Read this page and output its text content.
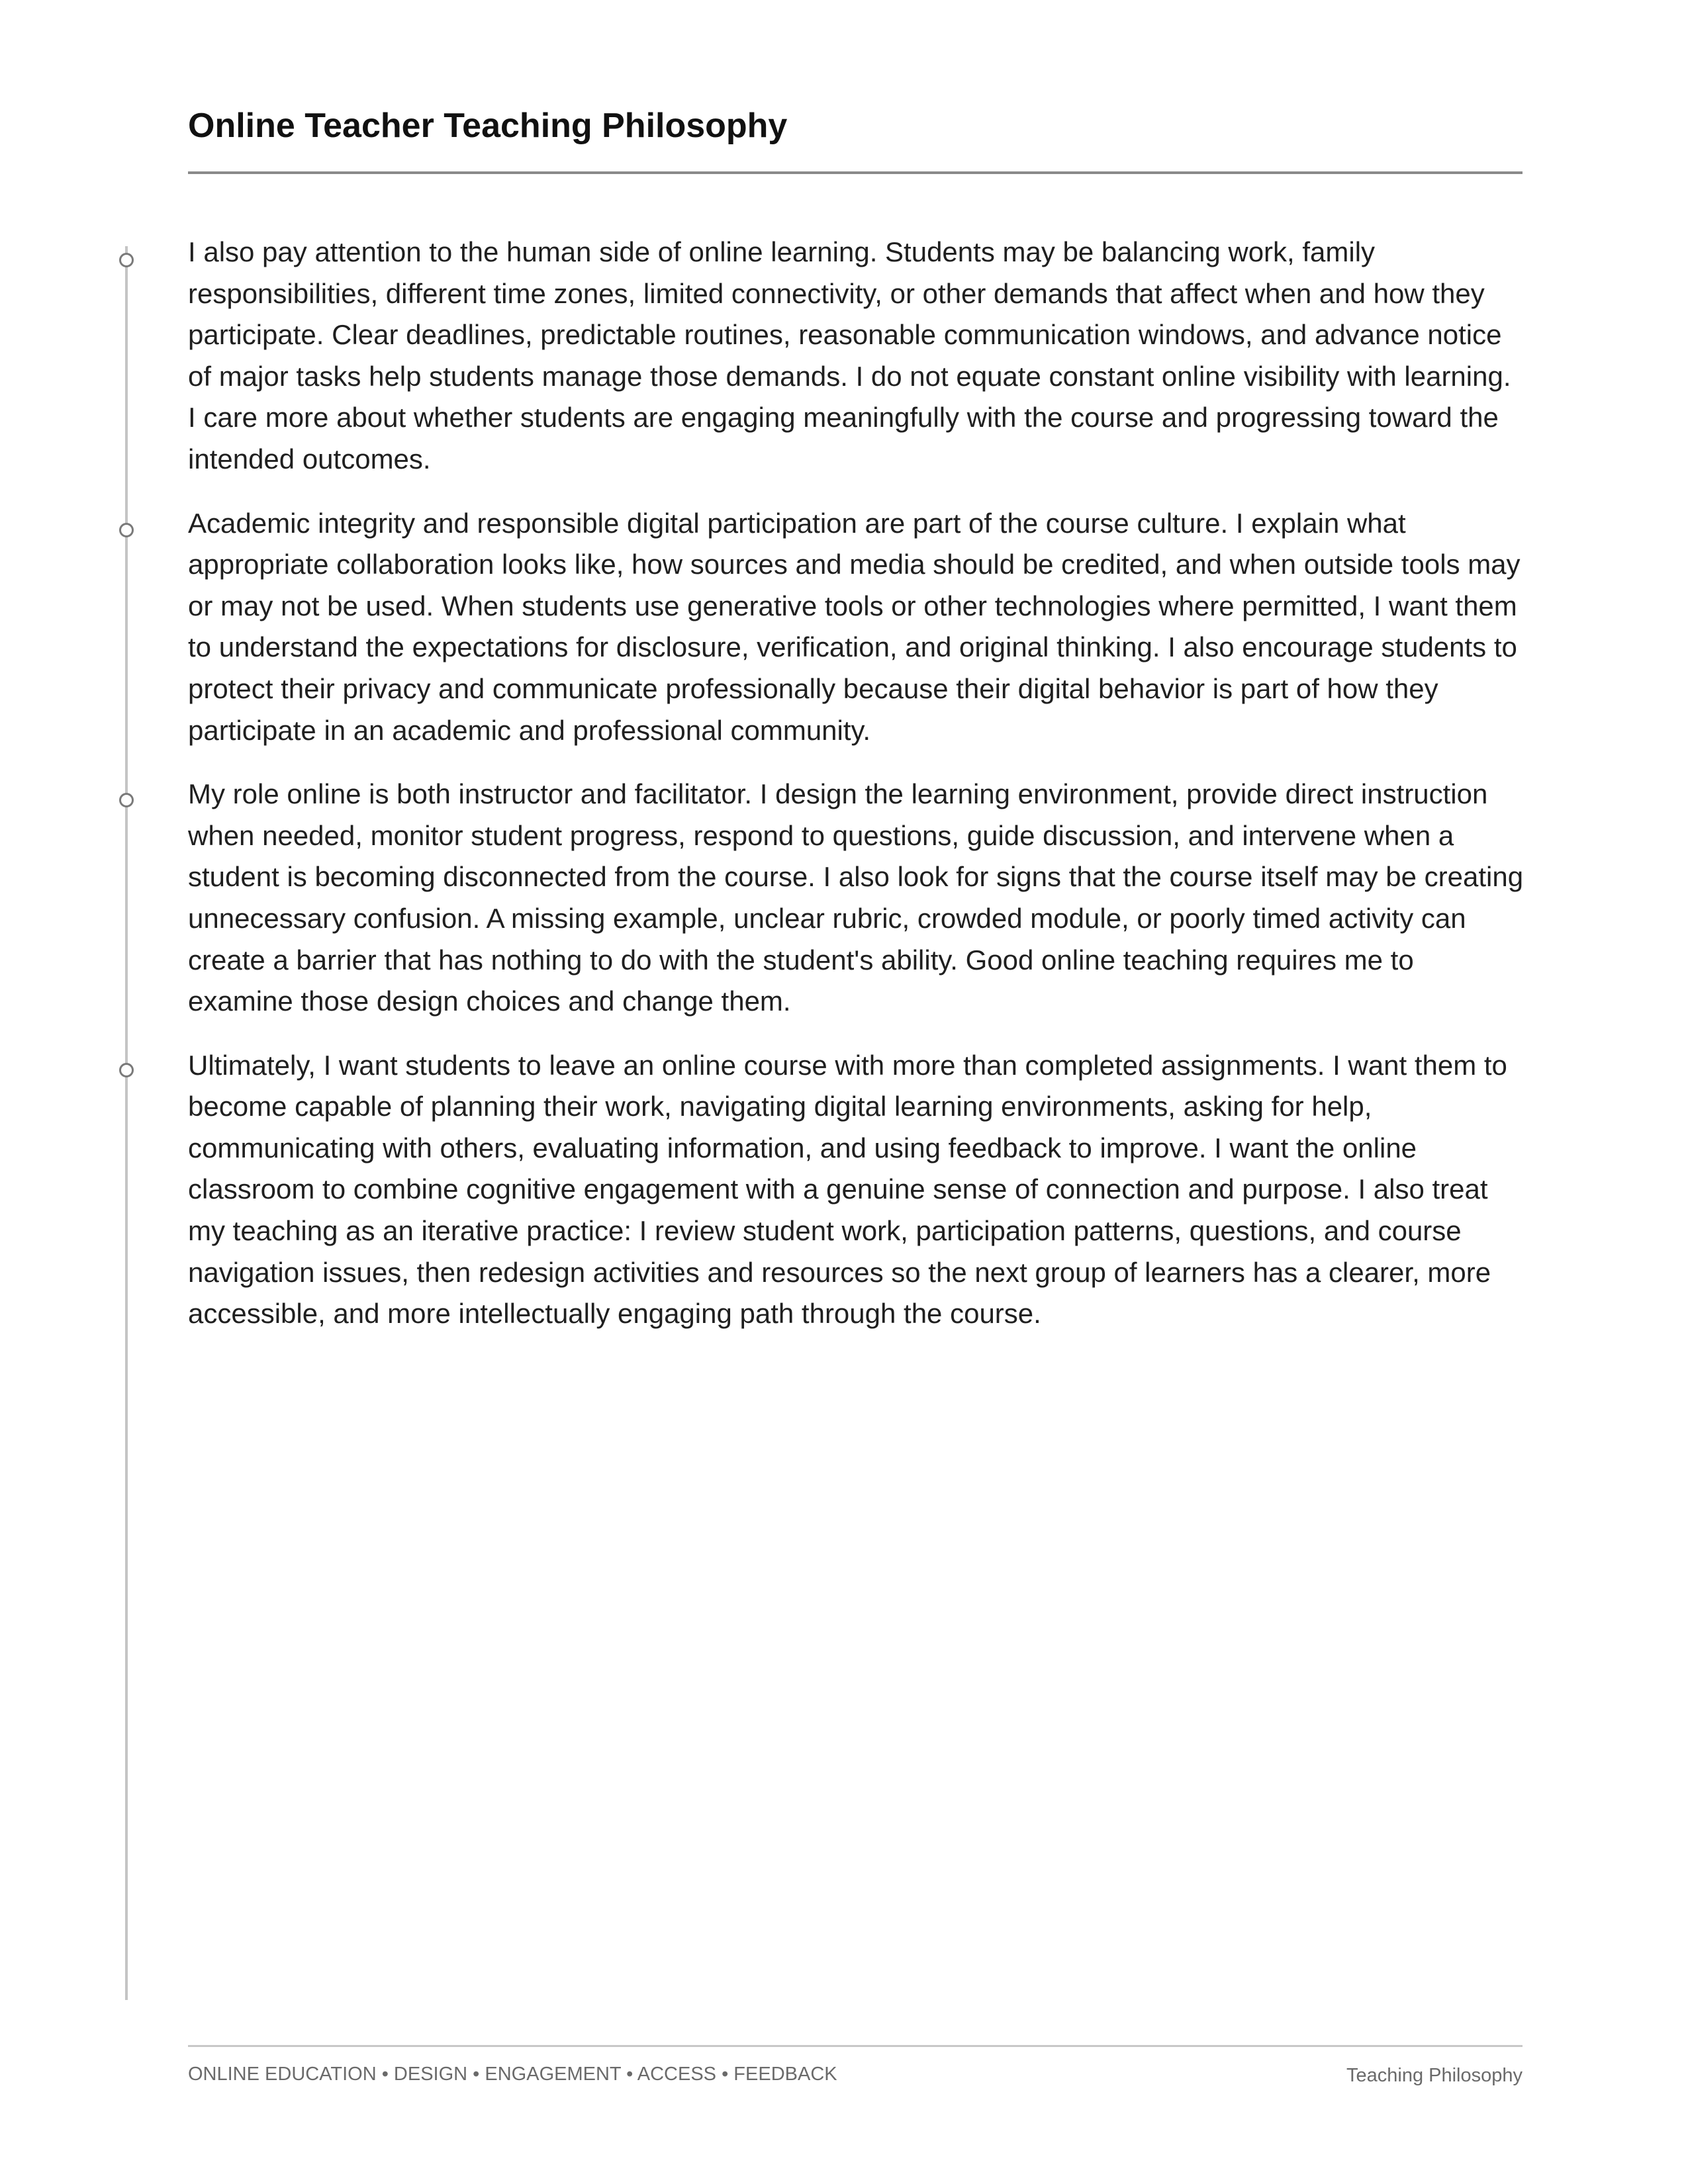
Online Teacher Teaching Philosophy

I also pay attention to the human side of online learning. Students may be balancing work, family responsibilities, different time zones, limited connectivity, or other demands that affect when and how they participate. Clear deadlines, predictable routines, reasonable communication windows, and advance notice of major tasks help students manage those demands. I do not equate constant online visibility with learning. I care more about whether students are engaging meaningfully with the course and progressing toward the intended outcomes.

Academic integrity and responsible digital participation are part of the course culture. I explain what appropriate collaboration looks like, how sources and media should be credited, and when outside tools may or may not be used. When students use generative tools or other technologies where permitted, I want them to understand the expectations for disclosure, verification, and original thinking. I also encourage students to protect their privacy and communicate professionally because their digital behavior is part of how they participate in an academic and professional community.

My role online is both instructor and facilitator. I design the learning environment, provide direct instruction when needed, monitor student progress, respond to questions, guide discussion, and intervene when a student is becoming disconnected from the course. I also look for signs that the course itself may be creating unnecessary confusion. A missing example, unclear rubric, crowded module, or poorly timed activity can create a barrier that has nothing to do with the student's ability. Good online teaching requires me to examine those design choices and change them.

Ultimately, I want students to leave an online course with more than completed assignments. I want them to become capable of planning their work, navigating digital learning environments, asking for help, communicating with others, evaluating information, and using feedback to improve. I want the online classroom to combine cognitive engagement with a genuine sense of connection and purpose. I also treat my teaching as an iterative practice: I review student work, participation patterns, questions, and course navigation issues, then redesign activities and resources so the next group of learners has a clearer, more accessible, and more intellectually engaging path through the course.

ONLINE EDUCATION • DESIGN • ENGAGEMENT • ACCESS • FEEDBACK	Teaching Philosophy
